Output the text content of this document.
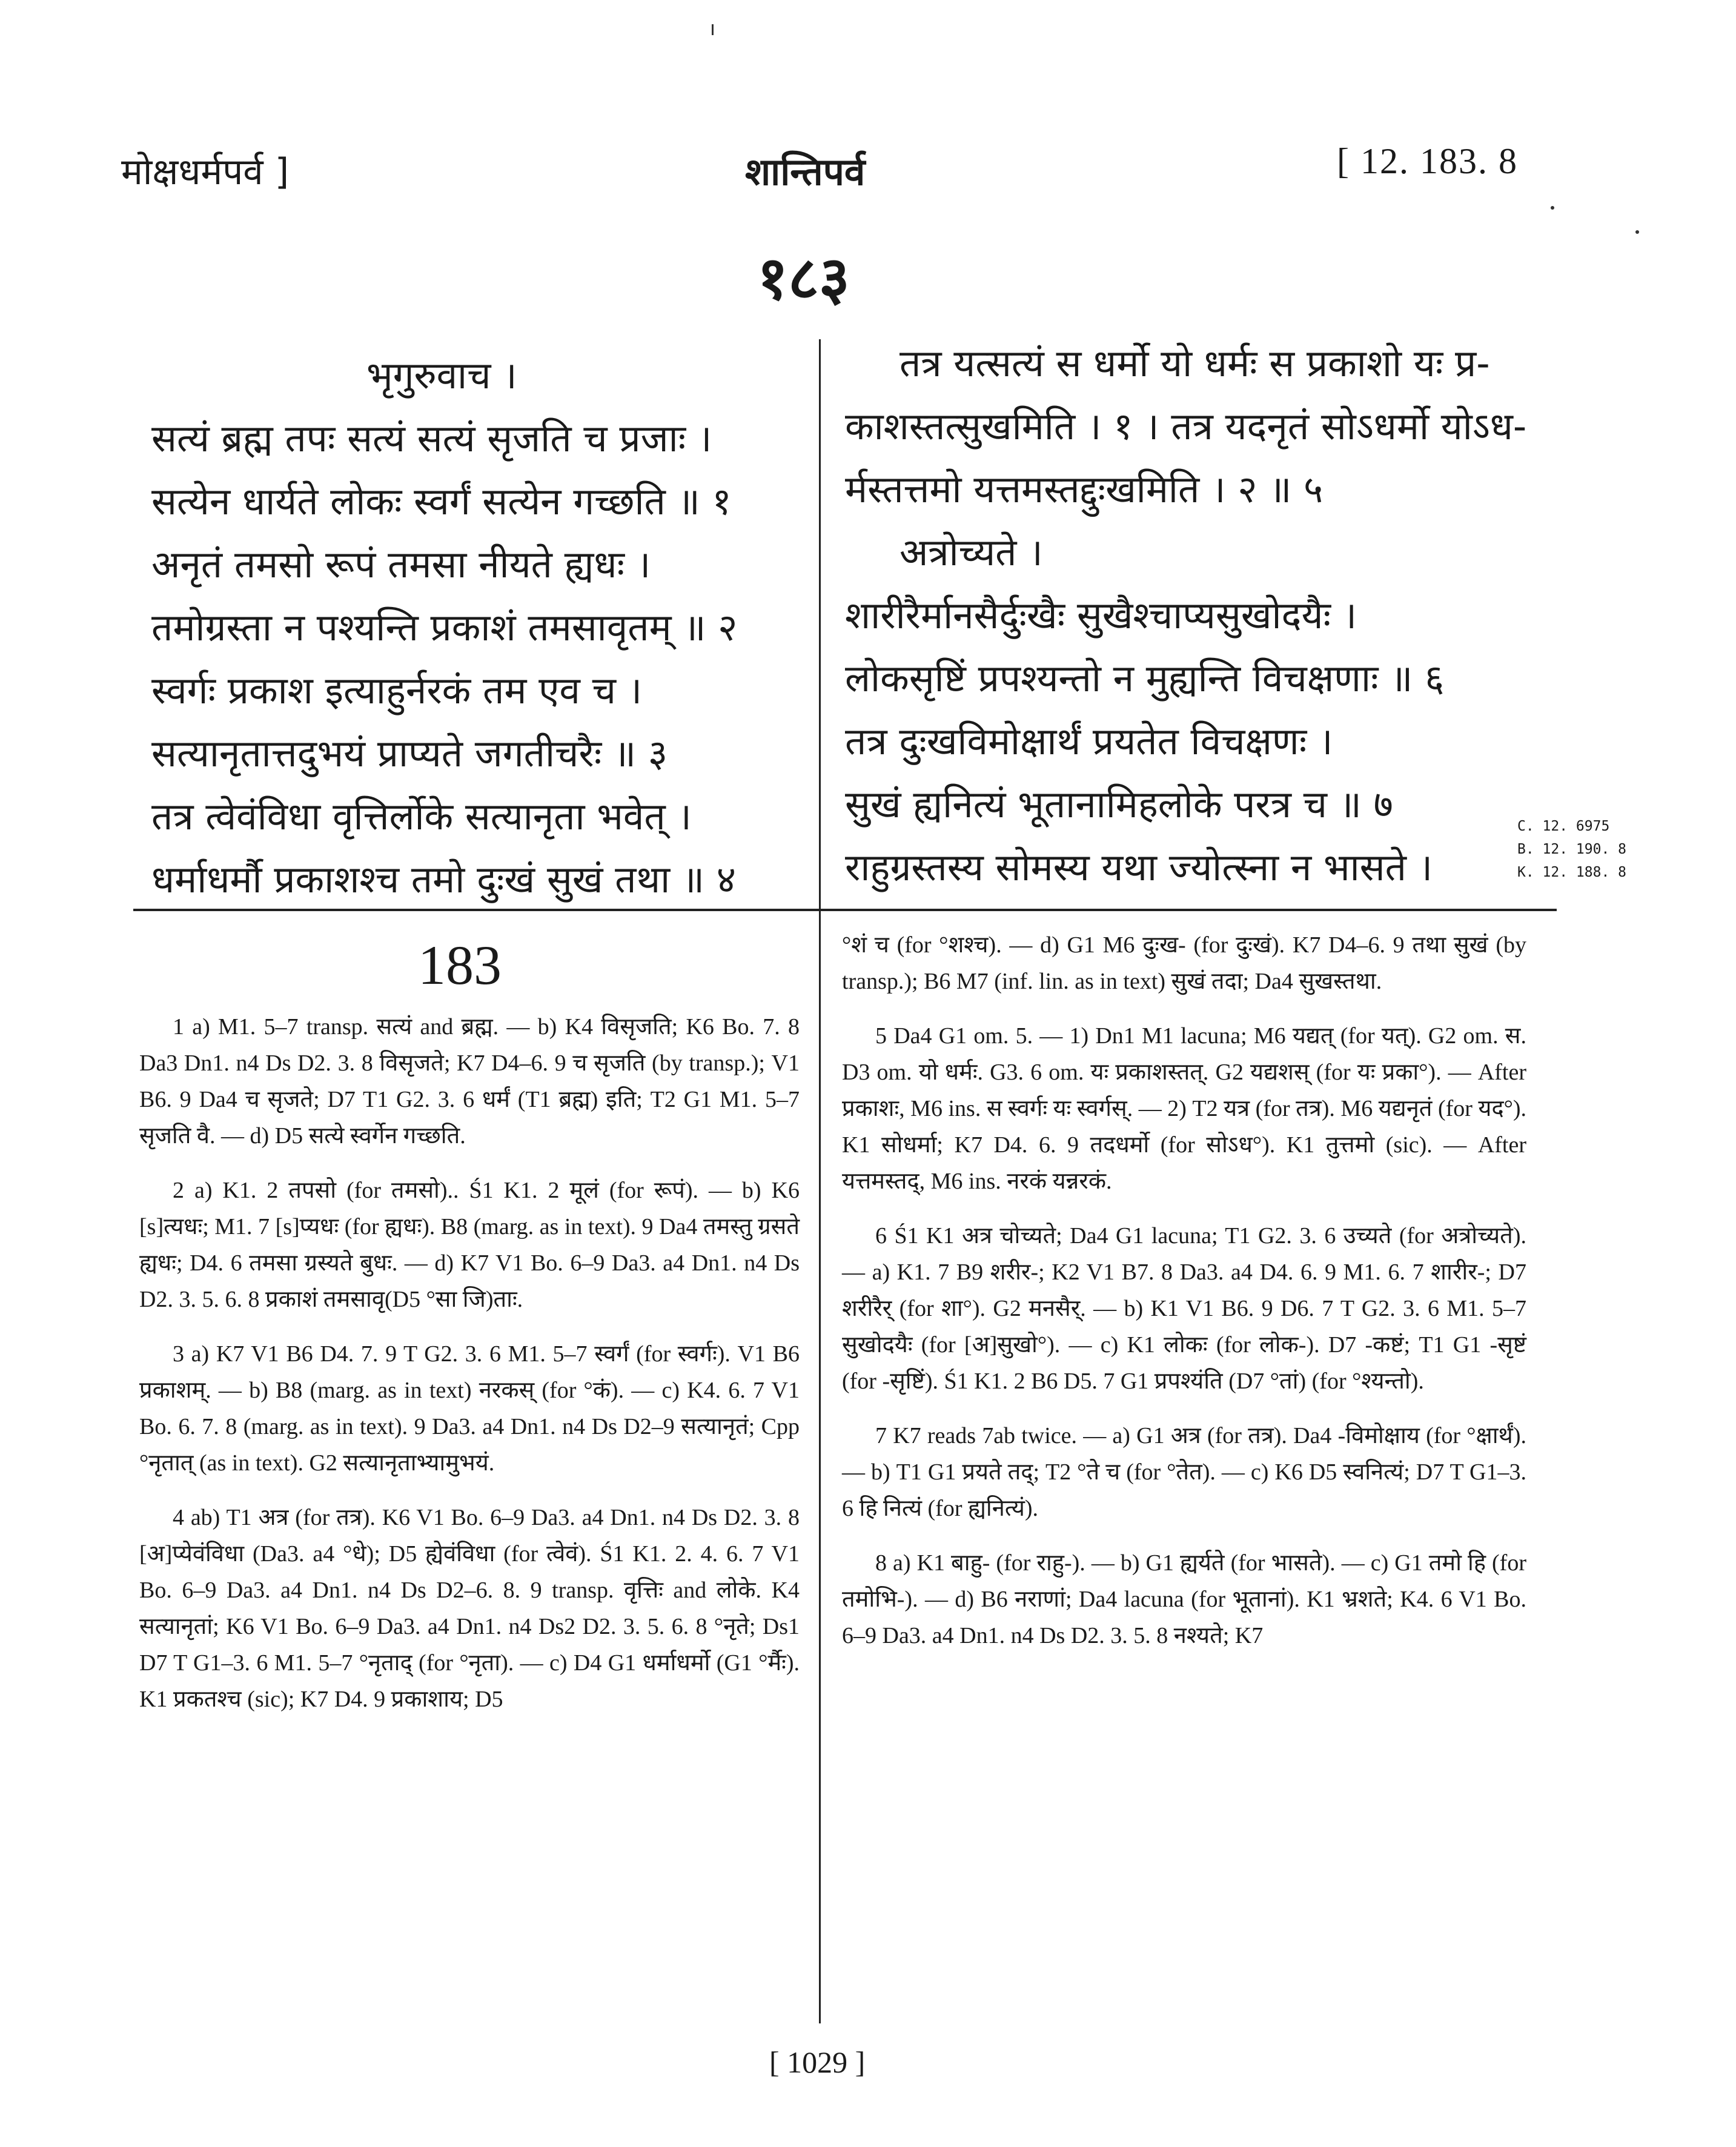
मोक्षधर्मपर्व ]	शान्तिपर्व	[ 12. 183. 8
१८३
भृगुरुवाच ।
सत्यं ब्रह्म तपः सत्यं सत्यं सृजति च प्रजाः ।
सत्येन धार्यते लोकः स्वर्गं सत्येन गच्छति ॥ १
अनृतं तमसो रूपं तमसा नीयते ह्यधः ।
तमोग्रस्ता न पश्यन्ति प्रकाशं तमसावृतम् ॥ २
स्वर्गः प्रकाश इत्याहुर्नरकं तम एव च ।
सत्यानृतात्तदुभयं प्राप्यते जगतीचरैः ॥ ३
तत्र त्वेवंविधा वृत्तिर्लोके सत्यानृता भवेत् ।
धर्माधर्मौ प्रकाशश्च तमो दुःखं सुखं तथा ॥ ४
तत्र यत्सत्यं स धर्मो यो धर्मः स प्रकाशो यः प्र-
काशस्तत्सुखमिति । १ । तत्र यदनृतं सोऽधर्मो योऽध-
र्मस्तत्तमो यत्तमस्तद्दुःखमिति । २ ॥ ५
अत्रोच्यते ।
शारीरैर्मानसैर्दुःखैः सुखैश्चाप्यसुखोदयैः ।
लोकसृष्टिं प्रपश्यन्तो न मुह्यन्ति विचक्षणाः ॥ ६
तत्र दुःखविमोक्षार्थं प्रयतेत विचक्षणः ।
सुखं ह्यनित्यं भूतानामिहलोके परत्र च ॥ ७
राहुग्रस्तस्य सोमस्य यथा ज्योत्स्ना न भासते ।
C. 12. 6975
B. 12. 190. 8
K. 12. 188. 8
183

1 a) M1. 5–7 transp. सत्यं and ब्रह्म. — b) K4 विसृजति; K6 Bo. 7. 8 Da3 Dn1. n4 Ds D2. 3. 8 विसृजते; K7 D4–6. 9 च सृजति (by transp.); V1 B6. 9 Da4 च सृजते; D7 T1 G2. 3. 6 धर्मं (T1 ब्रह्म) इति; T2 G1 M1. 5–7 सृजति वै. — d) D5 सत्ये स्वर्गेन गच्छति.

2 a) K1. 2 तपसो (for तमसो).. Ś1 K1. 2 मूलं (for रूपं). — b) K6 [s]त्यधः; M1. 7 [s]प्यधः (for ह्यधः). B8 (marg. as in text). 9 Da4 तमस्तु ग्रसते ह्यधः; D4. 6 तमसा ग्रस्यते बुधः. — d) K7 V1 Bo. 6–9 Da3. a4 Dn1. n4 Ds D2. 3. 5. 6. 8 प्रकाशं तमसावृ(D5 °सा जि)ताः.

3 a) K7 V1 B6 D4. 7. 9 T G2. 3. 6 M1. 5–7 स्वर्गं (for स्वर्गः). V1 B6 प्रकाशम्. — b) B8 (marg. as in text) नरकस् (for °कं). — c) K4. 6. 7 V1 Bo. 6. 7. 8 (marg. as in text). 9 Da3. a4 Dn1. n4 Ds D2–9 सत्यानृतं; Cpp °नृतात् (as in text). G2 सत्यानृताभ्यामुभयं.

4 ab) T1 अत्र (for तत्र). K6 V1 Bo. 6–9 Da3. a4 Dn1. n4 Ds D2. 3. 8 [अ]प्येवंविधा (Da3. a4 °धे); D5 ह्येवंविधा (for त्वेवं). Ś1 K1. 2. 4. 6. 7 V1 Bo. 6–9 Da3. a4 Dn1. n4 Ds D2–6. 8. 9 transp. वृत्तिः and लोके. K4 सत्यानृतां; K6 V1 Bo. 6–9 Da3. a4 Dn1. n4 Ds2 D2. 3. 5. 6. 8 °नृते; Ds1 D7 T G1–3. 6 M1. 5–7 °नृताद् (for °नृता). — c) D4 G1 धर्माधर्मो (G1 °र्मैः). K1 प्रकतश्च (sic); K7 D4. 9 प्रकाशाय; D5

°शं च (for °शश्च). — d) G1 M6 दुःख- (for दुःखं). K7 D4–6. 9 तथा सुखं (by transp.); B6 M7 (inf. lin. as in text) सुखं तदा; Da4 सुखस्तथा.

5 Da4 G1 om. 5. — 1) Dn1 M1 lacuna; M6 यद्यत् (for यत्). G2 om. स. D3 om. यो धर्मः. G3. 6 om. यः प्रकाशस्तत्. G2 यद्यशस् (for यः प्रका°). — After प्रकाशः, M6 ins. स स्वर्गः यः स्वर्गस्. — 2) T2 यत्र (for तत्र). M6 यद्यनृतं (for यद°). K1 सोधर्मा; K7 D4. 6. 9 तदधर्मो (for सोऽध°). K1 तुत्तमो (sic). — After यत्तमस्तद्, M6 ins. नरकं यन्नरकं.

6 Ś1 K1 अत्र चोच्यते; Da4 G1 lacuna; T1 G2. 3. 6 उच्यते (for अत्रोच्यते). — a) K1. 7 B9 शरीर-; K2 V1 B7. 8 Da3. a4 D4. 6. 9 M1. 6. 7 शारीर-; D7 शरीरैर् (for शा°). G2 मनसैर्. — b) K1 V1 B6. 9 D6. 7 T G2. 3. 6 M1. 5–7 सुखोदयैः (for [अ]सुखो°). — c) K1 लोकः (for लोक-). D7 -कष्टं; T1 G1 -सृष्टं (for -सृष्टिं). Ś1 K1. 2 B6 D5. 7 G1 प्रपश्यंति (D7 °तां) (for °श्यन्तो).

7 K7 reads 7ab twice. — a) G1 अत्र (for तत्र). Da4 -विमोक्षाय (for °क्षार्थं). — b) T1 G1 प्रयते तद्; T2 °ते च (for °तेत). — c) K6 D5 स्वनित्यं; D7 T G1–3. 6 हि नित्यं (for ह्यनित्यं).

8 a) K1 बाहु- (for राहु-). — b) G1 ह्यर्यते (for भासते). — c) G1 तमो हि (for तमोभि-). — d) B6 नराणां; Da4 lacuna (for भूतानां). K1 भ्रशते; K4. 6 V1 Bo. 6–9 Da3. a4 Dn1. n4 Ds D2. 3. 5. 8 नश्यते; K7

[ 1029 ]
